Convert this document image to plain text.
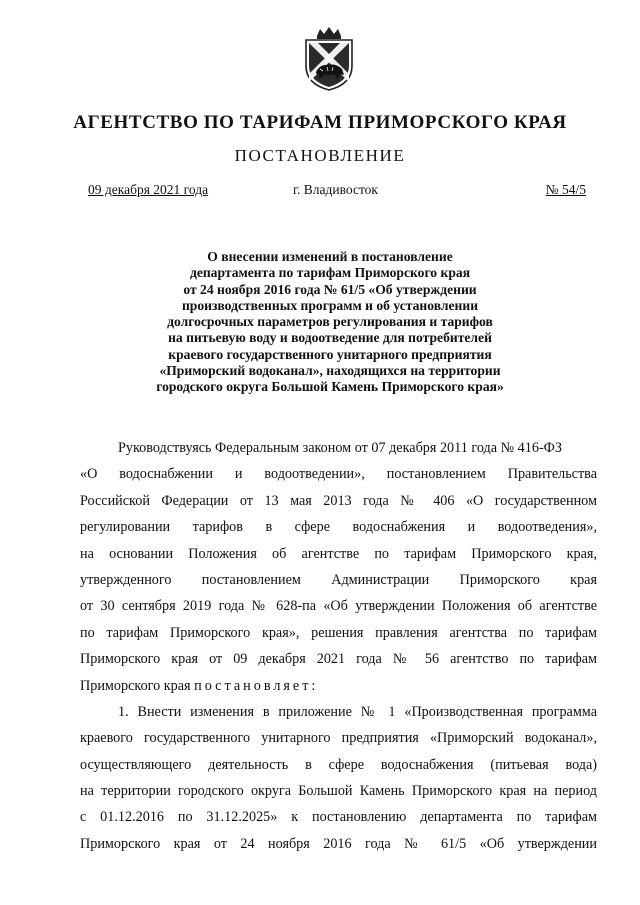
АГЕНТСТВО ПО ТАРИФАМ ПРИМОРСКОГО КРАЯ
ПОСТАНОВЛЕНИЕ
09 декабря 2021 года	г. Владивосток	№ 54/5
О внесении изменений в постановление
департамента по тарифам Приморского края
от 24 ноября 2016 года № 61/5 «Об утверждении
производственных программ и об установлении
долгосрочных параметров регулирования и тарифов
на питьевую воду и водоотведение для потребителей
краевого государственного унитарного предприятия
«Приморский водоканал», находящихся на территории
городского округа Большой Камень Приморского края»
Руководствуясь Федеральным законом от 07 декабря 2011 года № 416-ФЗ
«О водоснабжении и водоотведении», постановлением Правительства
Российской Федерации от 13 мая 2013 года № 406 «О государственном
регулировании тарифов в сфере водоснабжения и водоотведения»,
на основании Положения об агентстве по тарифам Приморского края,
утвержденного постановлением Администрации Приморского края
от 30 сентября 2019 года № 628-па «Об утверждении Положения об агентстве
по тарифам Приморского края», решения правления агентства по тарифам
Приморского края от 09 декабря 2021 года № 56 агентство по тарифам
Приморского края постановляет:
1. Внести изменения в приложение № 1 «Производственная программа
краевого государственного унитарного предприятия «Приморский водоканал»,
осуществляющего деятельность в сфере водоснабжения (питьевая вода)
на территории городского округа Большой Камень Приморского края на период
с 01.12.2016 по 31.12.2025» к постановлению департамента по тарифам
Приморского края от 24 ноября 2016 года № 61/5 «Об утверждении
